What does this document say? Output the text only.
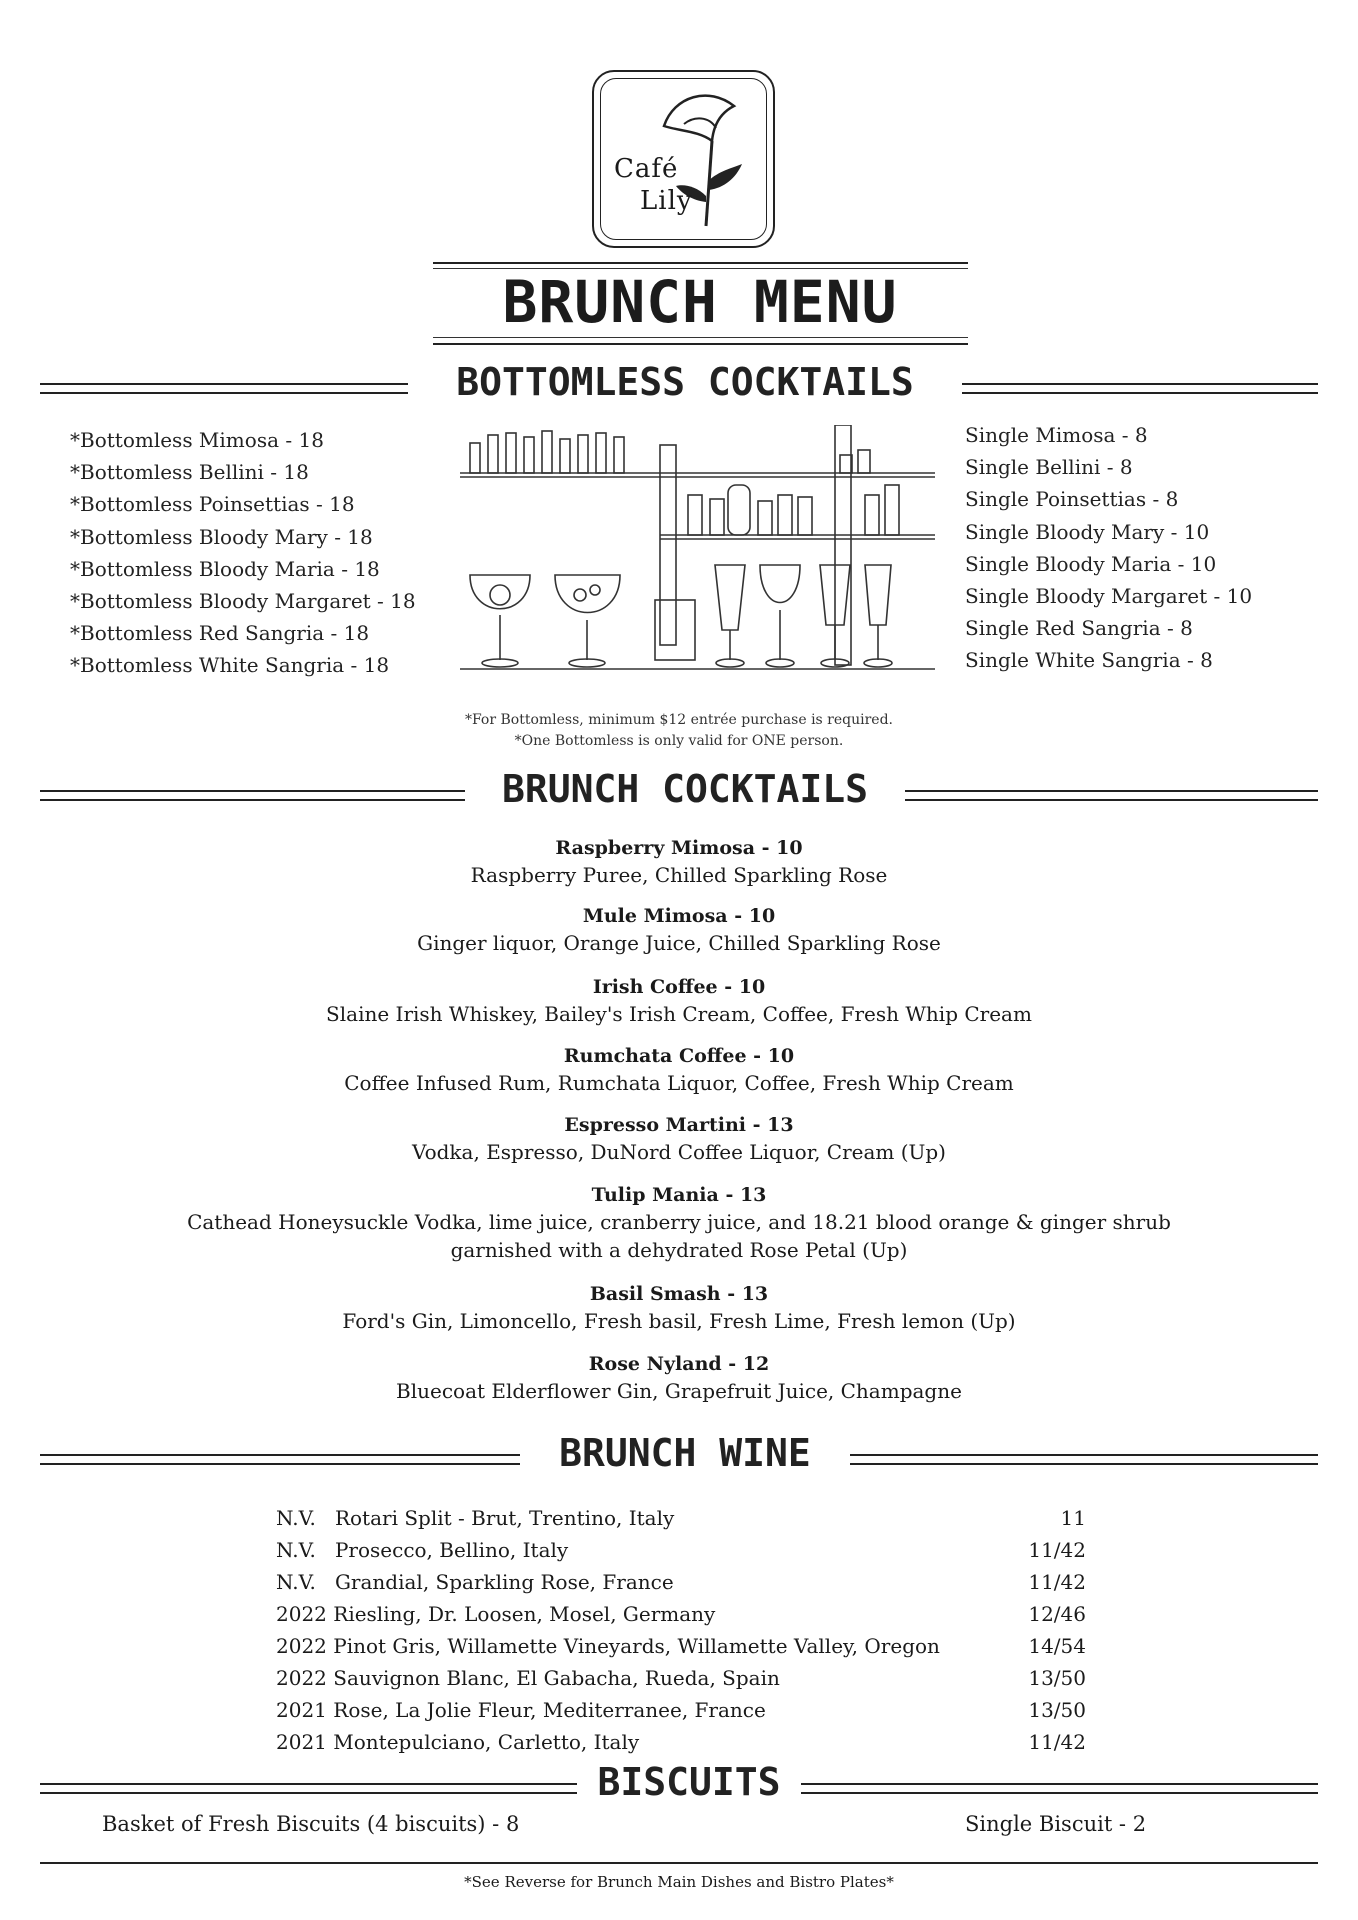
Café
Lily
BRUNCH MENU
BOTTOMLESS COCKTAILS
*Bottomless Mimosa - 18
*Bottomless Bellini - 18
*Bottomless Poinsettias - 18
*Bottomless Bloody Mary - 18
*Bottomless Bloody Maria - 18
*Bottomless Bloody Margaret - 18
*Bottomless Red Sangria - 18
*Bottomless White Sangria - 18
Single Mimosa - 8
Single Bellini - 8
Single Poinsettias - 8
Single Bloody Mary - 10
Single Bloody Maria - 10
Single Bloody Margaret - 10
Single Red Sangria - 8
Single White Sangria - 8
*For Bottomless, minimum $12 entrée purchase is required.
*One Bottomless is only valid for ONE person.
BRUNCH COCKTAILS
Raspberry Mimosa - 10
Raspberry Puree, Chilled Sparkling Rose
Mule Mimosa - 10
Ginger liquor, Orange Juice, Chilled Sparkling Rose
Irish Coffee - 10
Slaine Irish Whiskey, Bailey's Irish Cream, Coffee, Fresh Whip Cream
Rumchata Coffee - 10
Coffee Infused Rum, Rumchata Liquor, Coffee, Fresh Whip Cream
Espresso Martini - 13
Vodka, Espresso, DuNord Coffee Liquor, Cream (Up)
Tulip Mania - 13
Cathead Honeysuckle Vodka, lime juice, cranberry juice, and 18.21 blood orange & ginger shrub
garnished with a dehydrated Rose Petal (Up)
Basil Smash - 13
Ford's Gin, Limoncello, Fresh basil, Fresh Lime, Fresh lemon (Up)
Rose Nyland - 12
Bluecoat Elderflower Gin, Grapefruit Juice, Champagne
BRUNCH WINE
N.V.   Rotari Split - Brut, Trentino, Italy	11
N.V.   Prosecco, Bellino, Italy	11/42
N.V.   Grandial, Sparkling Rose, France	11/42
2022 Riesling, Dr. Loosen, Mosel, Germany	12/46
2022 Pinot Gris, Willamette Vineyards, Willamette Valley, Oregon	14/54
2022 Sauvignon Blanc, El Gabacha, Rueda, Spain	13/50
2021 Rose, La Jolie Fleur, Mediterranee, France	13/50
2021 Montepulciano, Carletto, Italy	11/42
BISCUITS
Basket of Fresh Biscuits (4 biscuits) - 8	Single Biscuit - 2
*See Reverse for Brunch Main Dishes and Bistro Plates*
